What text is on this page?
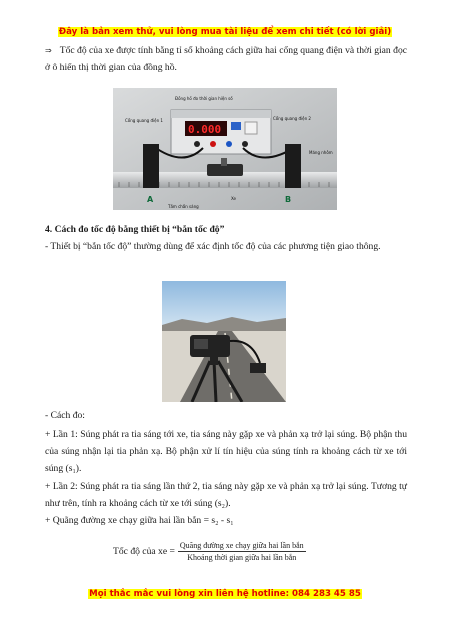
Đây là bản xem thử, vui lòng mua tài liệu để xem chi tiết (có lời giải)
⇒ Tốc độ của xe được tính bằng tỉ số khoảng cách giữa hai cổng quang điện và thời gian đọc ở ô hiển thị thời gian của đồng hồ.
0.000
Đồng hồ đo thời gian hiện số
Cổng quang điện 1	Cổng quang điện 2
Máng nhôm
A	B
Xe
Tấm chắn sáng
4. Cách đo tốc độ bằng thiết bị “bắn tốc độ”
- Thiết bị “bắn tốc độ” thường dùng để xác định tốc độ của các phương tiện giao thông.
- Cách đo:
+ Lần 1: Súng phát ra tia sáng tới xe, tia sáng này gặp xe và phản xạ trở lại súng. Bộ phận thu của súng nhận lại tia phản xạ. Bộ phận xử lí tín hiệu của súng tính ra khoảng cách từ xe tới súng (s₁).
+ Lần 2: Súng phát ra tia sáng lần thứ 2, tia sáng này gặp xe và phản xạ trở lại súng. Tương tự như trên, tính ra khoảng cách từ xe tới súng (s₂).
+ Quãng đường xe chạy giữa hai lần bắn = s₂ - s₁
Tốc độ của xe = $\frac{\text{Quãng đường xe chạy giữa hai lần bắn}}{\text{Khoảng thời gian giữa hai lần bắn}}$
Mọi thắc mắc vui lòng xin liên hệ hotline: 084 283 45 85
